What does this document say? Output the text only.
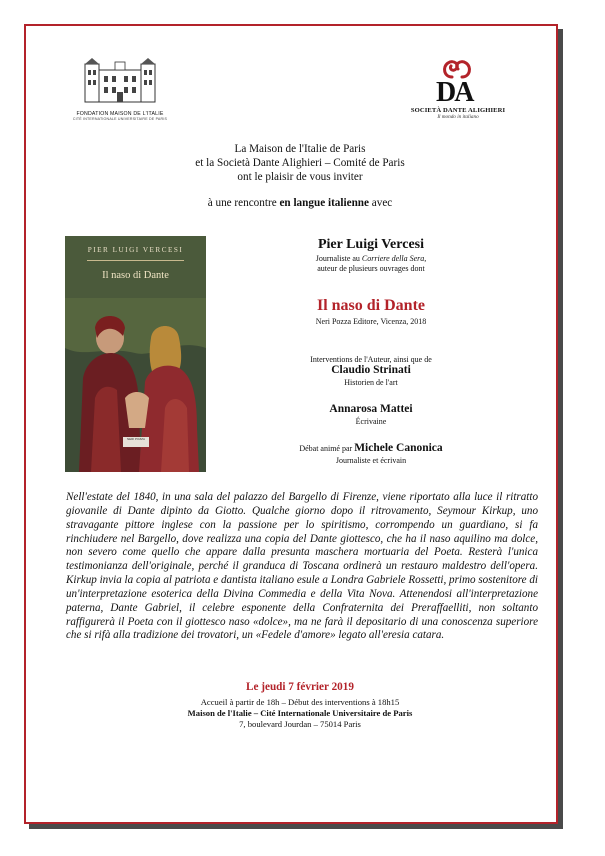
FONDATION MAISON DE L'ITALIE
CITÉ INTERNATIONALE UNIVERSITAIRE DE PARIS
DA
SOCIETÀ DANTE ALIGHIERI
Il mondo in italiano
La Maison de l'Italie de Paris
et la Società Dante Alighieri – Comité de Paris
ont le plaisir de vous inviter
à une rencontre en langue italienne avec
PIER LUIGI VERCESI
Il naso di Dante
NERI POZZA
Pier Luigi Vercesi
Journaliste au Corriere della Sera,
auteur de plusieurs ouvrages dont
Il naso di Dante
Neri Pozza Editore, Vicenza, 2018
Interventions de l'Auteur, ainsi que de
Claudio Strinati
Historien de l'art
Annarosa Mattei
Écrivaine
Débat animé par Michele Canonica
Journaliste et écrivain
Nell'estate del 1840, in una sala del palazzo del Bargello di Firenze, viene riportato alla luce il ritratto giovanile di Dante dipinto da Giotto. Qualche giorno dopo il ritrovamento, Seymour Kirkup, uno stravagante pittore inglese con la passione per lo spiritismo, corrompendo un guardiano, si fa rinchiudere nel Bargello, dove realizza una copia del Dante giottesco, che ha il naso aquilino ma dolce, non severo come quello che appare dalla presunta maschera mortuaria del Poeta. Resterà l'unica testimonianza dell'originale, perché il granduca di Toscana ordinerà un restauro maldestro dell'opera. Kirkup invia la copia al patriota e dantista italiano esule a Londra Gabriele Rossetti, primo sostenitore di un'interpretazione esoterica della Divina Commedia e della Vita Nova. Attenendosi all'interpretazione paterna, Dante Gabriel, il celebre esponente della Confraternita dei Preraffaelliti, non soltanto raffigurerà il Poeta con il giottesco naso «dolce», ma ne farà il depositario di una conoscenza superiore che si rifà alla tradizione dei trovatori, un «Fedele d'amore» legato all'eresia catara.
Le jeudi 7 février 2019
Accueil à partir de 18h – Début des interventions à 18h15
Maison de l'Italie – Cité Internationale Universitaire de Paris
7, boulevard Jourdan – 75014 Paris
